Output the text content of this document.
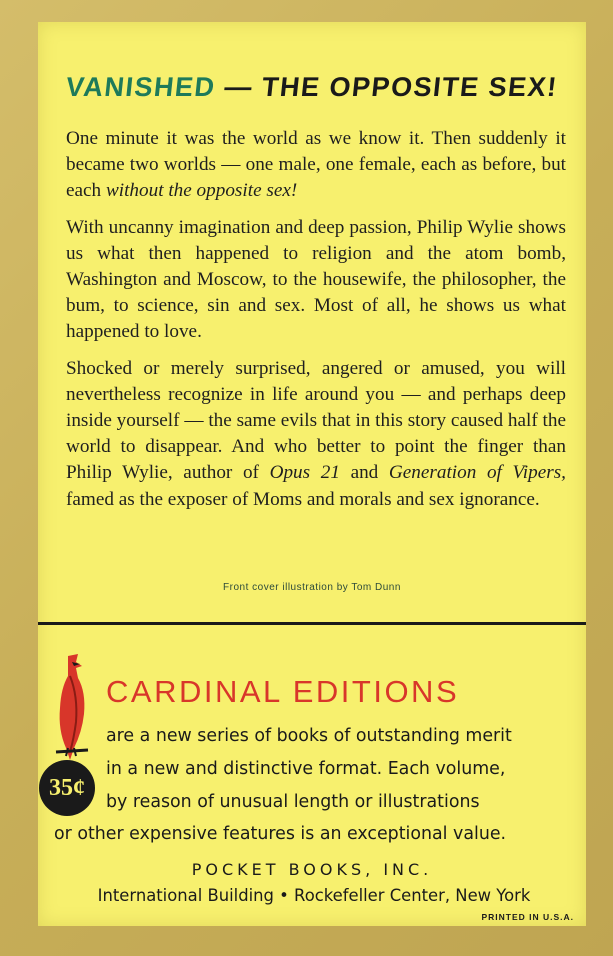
VANISHED — THE OPPOSITE SEX!

One minute it was the world as we know it. Then suddenly it became two worlds — one male, one female, each as before, but each without the opposite sex!

With uncanny imagination and deep passion, Philip Wylie shows us what then happened to religion and the atom bomb, Washington and Moscow, to the housewife, the philosopher, the bum, to science, sin and sex. Most of all, he shows us what happened to love.

Shocked or merely surprised, angered or amused, you will nevertheless recognize in life around you — and perhaps deep inside yourself — the same evils that in this story caused half the world to disappear. And who better to point the finger than Philip Wylie, author of Opus 21 and Generation of Vipers, famed as the exposer of Moms and morals and sex ignorance.

Front cover illustration by Tom Dunn
35¢
CARDINAL EDITIONS
are a new series of books of outstanding merit
in a new and distinctive format. Each volume,
by reason of unusual length or illustrations
or other expensive features is an exceptional value.
POCKET BOOKS, INC.
International Building • Rockefeller Center, New York
PRINTED IN U.S.A.
